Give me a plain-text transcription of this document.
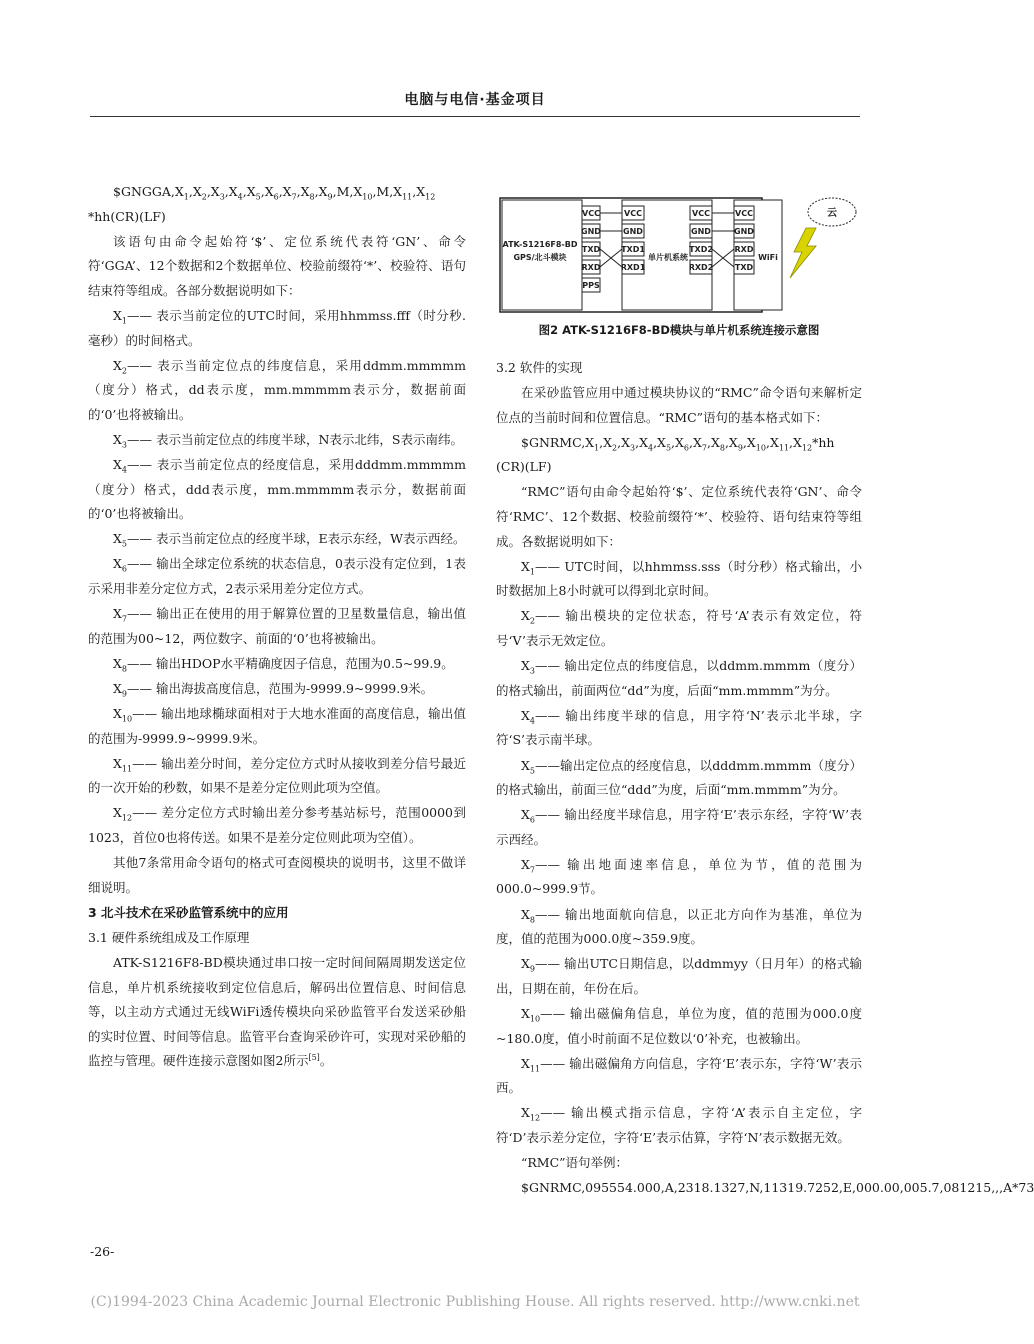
电脑与电信·基金项目

$\$GNGGA,X_1,X_2,X_3,X_4,X_5,X_6,X_7,X_8,X_9,M,X_{10},M,X_{11},X_{12}$ *hh(CR)(LF)

该语句由命令起始符‘$’、定位系统代表符‘GN’、命令符‘GGA’、12个数据和2个数据单位、校验前缀符‘*’、校验符、语句结束符等组成。各部分数据说明如下：

$X_1——$ 表示当前定位的UTC时间，采用hhmmss.fff（时分秒.毫秒）的时间格式。

$X_2——$ 表示当前定位点的纬度信息，采用ddmm.mmmmm（度分）格式，dd表示度，mm.mmmmm表示分，数据前面的‘0’也将被输出。

$X_3——$ 表示当前定位点的纬度半球，N表示北纬，S表示南纬。

$X_4——$ 表示当前定位点的经度信息，采用dddmm.mmmmm（度分）格式，ddd表示度，mm.mmmmm表示分，数据前面的‘0’也将被输出。

$X_5——$ 表示当前定位点的经度半球，E表示东经，W表示西经。

$X_6——$ 输出全球定位系统的状态信息，0表示没有定位到，1表示采用非差分定位方式，2表示采用差分定位方式。

$X_7——$ 输出正在使用的用于解算位置的卫星数量信息，输出值的范围为00~12，两位数字、前面的‘0’也将被输出。

$X_8——$ 输出HDOP水平精确度因子信息，范围为0.5~99.9。

$X_9——$ 输出海拔高度信息，范围为-9999.9~9999.9米。

$X_{10}——$ 输出地球椭球面相对于大地水准面的高度信息，输出值的范围为-9999.9~9999.9米。

$X_{11}——$ 输出差分时间，差分定位方式时从接收到差分信号最近的一次开始的秒数，如果不是差分定位则此项为空值。

$X_{12}——$ 差分定位方式时输出差分参考基站标号，范围0000到1023，首位0也将传送。如果不是差分定位则此项为空值）。

其他7条常用命令语句的格式可查阅模块的说明书，这里不做详细说明。

3 北斗技术在采砂监管系统中的应用

3.1 硬件系统组成及工作原理

ATK-S1216F8-BD模块通过串口按一定时间间隔周期发送定位信息，单片机系统接收到定位信息后，解码出位置信息、时间信息等，以主动方式通过无线WiFi透传模块向采砂监管平台发送采砂船的实时位置、时间等信息。监管平台查询采砂许可，实现对采砂船的监控与管理。硬件连接示意图如图2所示[5]。

ATK-S1216F8-BD
GPS/北斗模块
VCC
GND
TXD
RXD
PPS
VCC
GND
TXD1
RXD1
单片机系统
VCC
GND
TXD2
RXD2
VCC
GND
RXD
TXD
WiFi
云
图2 ATK-S1216F8-BD模块与单片机系统连接示意图

3.2 软件的实现

在采砂监管应用中通过模块协议的“RMC”命令语句来解析定位点的当前时间和位置信息。“RMC”语句的基本格式如下：

$\$GNRMC,X_1,X_2,X_3,X_4,X_5,X_6,X_7,X_8,X_9,X_{10},X_{11},X_{12}*hh$ (CR)(LF)

“RMC”语句由命令起始符‘$’、定位系统代表符‘GN’、命令符‘RMC’、12个数据、校验前缀符‘*’、校验符、语句结束符等组成。各数据说明如下：

$X_1——$ UTC时间，以hhmmss.sss（时分秒）格式输出，小时数据加上8小时就可以得到北京时间。

$X_2——$ 输出模块的定位状态，符号‘A’表示有效定位，符号‘V’表示无效定位。

$X_3——$ 输出定位点的纬度信息，以ddmm.mmmm（度分）的格式输出，前面两位“dd”为度，后面“mm.mmmm”为分。

$X_4——$ 输出纬度半球的信息，用字符‘N’表示北半球，字符‘S’表示南半球。

$X_5——$输出定位点的经度信息，以dddmm.mmmm（度分）的格式输出，前面三位“ddd”为度，后面“mm.mmmm”为分。

$X_6——$ 输出经度半球信息，用字符‘E’表示东经，字符‘W’表示西经。

$X_7——$ 输出地面速率信息，单位为节，值的范围为000.0~999.9节。

$X_8——$ 输出地面航向信息，以正北方向作为基准，单位为度，值的范围为000.0度~359.9度。

$X_9——$ 输出UTC日期信息，以ddmmyy（日月年）的格式输出，日期在前，年份在后。

$X_{10}——$ 输出磁偏角信息，单位为度，值的范围为000.0度~180.0度，值小时前面不足位数以‘0’补充，也被输出。

$X_{11}——$ 输出磁偏角方向信息，字符‘E’表示东，字符‘W’表示西。

$X_{12}——$ 输出模式指示信息，字符‘A’表示自主定位，字符‘D’表示差分定位，字符‘E’表示估算，字符‘N’表示数据无效。

“RMC”语句举例：

$GNRMC,095554.000,A,2318.1327,N,11319.7252,E,000.00,005.7,081215,,,A*73

-26-
(C)1994-2023 China Academic Journal Electronic Publishing House. All rights reserved. http://www.cnki.net
